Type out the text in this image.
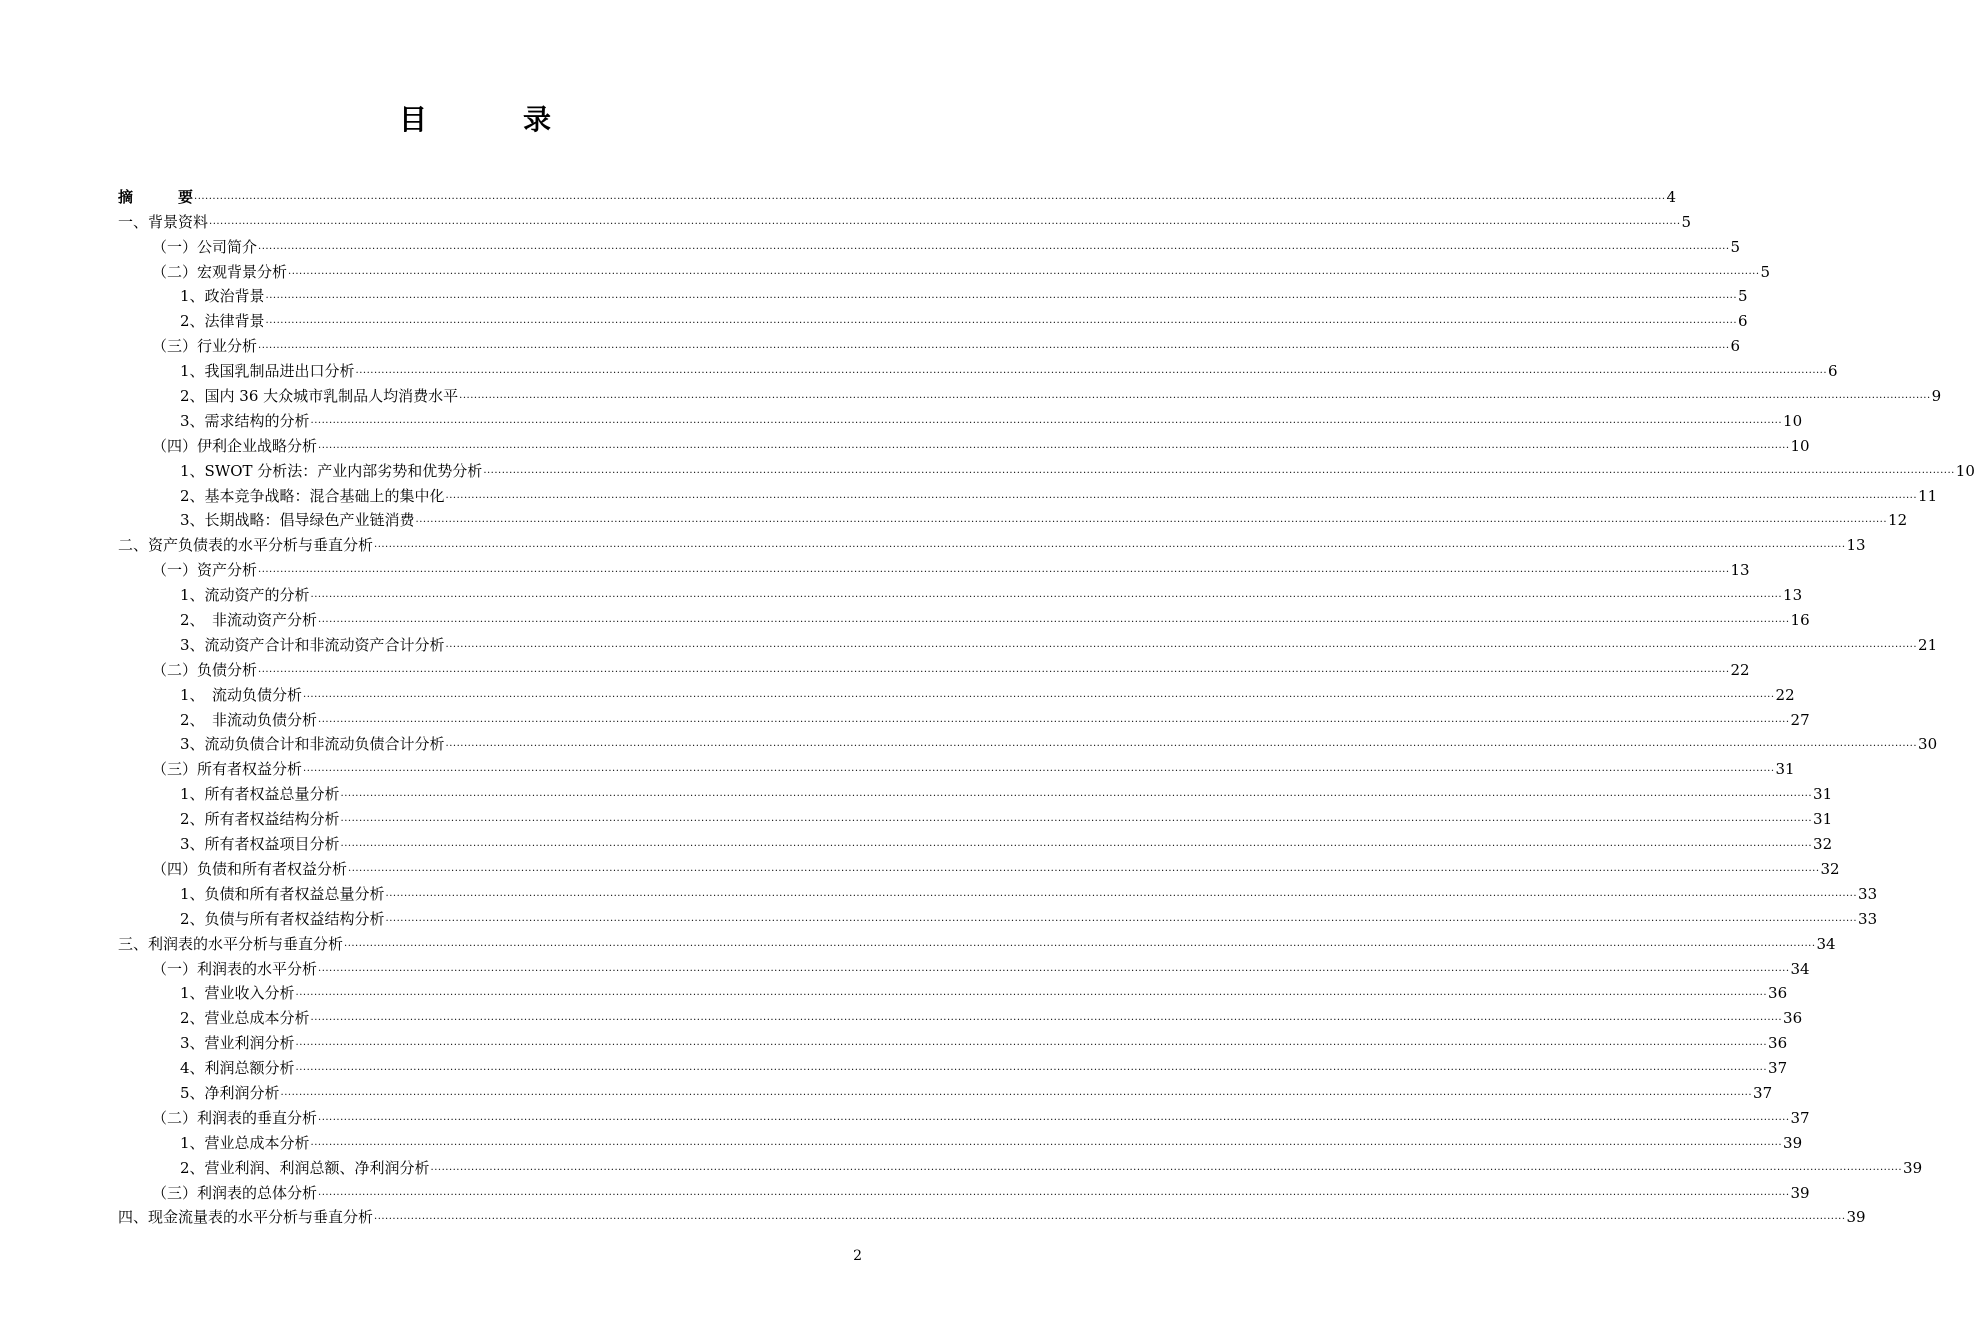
目　录
摘　　　要 ................................................................................................................................................................................................................................................................................................................................................................................................................ 4
一、背景资料 ................................................................................................................................................................................................................................................................................................................................................................................................................ 5
（一）公司简介 ................................................................................................................................................................................................................................................................................................................................................................................................................ 5
（二）宏观背景分析 ................................................................................................................................................................................................................................................................................................................................................................................................................ 5
1、政治背景 ................................................................................................................................................................................................................................................................................................................................................................................................................ 5
2、法律背景 ................................................................................................................................................................................................................................................................................................................................................................................................................ 6
（三）行业分析 ................................................................................................................................................................................................................................................................................................................................................................................................................ 6
1、我国乳制品进出口分析 ................................................................................................................................................................................................................................................................................................................................................................................................................ 6
2、国内 36 大众城市乳制品人均消费水平 ................................................................................................................................................................................................................................................................................................................................................................................................................ 9
3、需求结构的分析 ................................................................................................................................................................................................................................................................................................................................................................................................................ 10
（四）伊利企业战略分析 ................................................................................................................................................................................................................................................................................................................................................................................................................ 10
1、SWOT 分析法：产业内部劣势和优势分析 ................................................................................................................................................................................................................................................................................................................................................................................................................ 10
2、基本竞争战略：混合基础上的集中化 ................................................................................................................................................................................................................................................................................................................................................................................................................ 11
3、长期战略：倡导绿色产业链消费 ................................................................................................................................................................................................................................................................................................................................................................................................................ 12
二、资产负债表的水平分析与垂直分析 ................................................................................................................................................................................................................................................................................................................................................................................................................ 13
（一）资产分析 ................................................................................................................................................................................................................................................................................................................................................................................................................ 13
1、流动资产的分析 ................................................................................................................................................................................................................................................................................................................................................................................................................ 13
2、　非流动资产分析 ................................................................................................................................................................................................................................................................................................................................................................................................................ 16
3、流动资产合计和非流动资产合计分析 ................................................................................................................................................................................................................................................................................................................................................................................................................ 21
（二）负债分析 ................................................................................................................................................................................................................................................................................................................................................................................................................ 22
1、　流动负债分析 ................................................................................................................................................................................................................................................................................................................................................................................................................ 22
2、　非流动负债分析 ................................................................................................................................................................................................................................................................................................................................................................................................................ 27
3、流动负债合计和非流动负债合计分析 ................................................................................................................................................................................................................................................................................................................................................................................................................ 30
（三）所有者权益分析 ................................................................................................................................................................................................................................................................................................................................................................................................................ 31
1、所有者权益总量分析 ................................................................................................................................................................................................................................................................................................................................................................................................................ 31
2、所有者权益结构分析 ................................................................................................................................................................................................................................................................................................................................................................................................................ 31
3、所有者权益项目分析 ................................................................................................................................................................................................................................................................................................................................................................................................................ 32
（四）负债和所有者权益分析 ................................................................................................................................................................................................................................................................................................................................................................................................................ 32
1、负债和所有者权益总量分析 ................................................................................................................................................................................................................................................................................................................................................................................................................ 33
2、负债与所有者权益结构分析 ................................................................................................................................................................................................................................................................................................................................................................................................................ 33
三、利润表的水平分析与垂直分析 ................................................................................................................................................................................................................................................................................................................................................................................................................ 34
（一）利润表的水平分析 ................................................................................................................................................................................................................................................................................................................................................................................................................ 34
1、营业收入分析 ................................................................................................................................................................................................................................................................................................................................................................................................................ 36
2、营业总成本分析 ................................................................................................................................................................................................................................................................................................................................................................................................................ 36
3、营业利润分析 ................................................................................................................................................................................................................................................................................................................................................................................................................ 36
4、利润总额分析 ................................................................................................................................................................................................................................................................................................................................................................................................................ 37
5、净利润分析 ................................................................................................................................................................................................................................................................................................................................................................................................................ 37
（二）利润表的垂直分析 ................................................................................................................................................................................................................................................................................................................................................................................................................ 37
1、营业总成本分析 ................................................................................................................................................................................................................................................................................................................................................................................................................ 39
2、营业利润、利润总额、净利润分析 ................................................................................................................................................................................................................................................................................................................................................................................................................ 39
（三）利润表的总体分析 ................................................................................................................................................................................................................................................................................................................................................................................................................ 39
四、现金流量表的水平分析与垂直分析 ................................................................................................................................................................................................................................................................................................................................................................................................................ 39
2
